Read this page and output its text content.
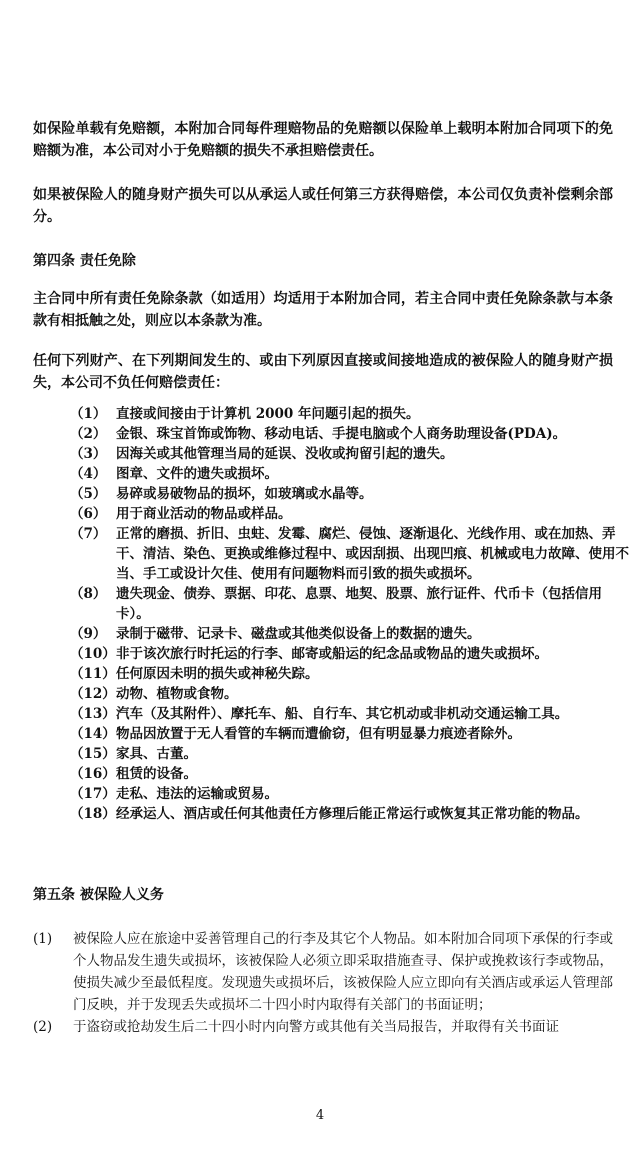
如保险单载有免赔额，本附加合同每件理赔物品的免赔额以保险单上载明本附加合同项下的免赔额为准，本公司对小于免赔额的损失不承担赔偿责任。

如果被保险人的随身财产损失可以从承运人或任何第三方获得赔偿，本公司仅负责补偿剩余部分。

第四条 责任免除

主合同中所有责任免除条款（如适用）均适用于本附加合同，若主合同中责任免除条款与本条款有相抵触之处，则应以本条款为准。

任何下列财产、在下列期间发生的、或由下列原因直接或间接地造成的被保险人的随身财产损失，本公司不负任何赔偿责任：

（1） 直接或间接由于计算机 2000 年问题引起的损失。
（2） 金银、珠宝首饰或饰物、移动电话、手提电脑或个人商务助理设备(PDA)。
（3） 因海关或其他管理当局的延误、没收或拘留引起的遗失。
（4） 图章、文件的遗失或损坏。
（5） 易碎或易破物品的损坏，如玻璃或水晶等。
（6） 用于商业活动的物品或样品。
（7） 正常的磨损、折旧、虫蛀、发霉、腐烂、侵蚀、逐渐退化、光线作用、或在加热、弄干、清洁、染色、更换或维修过程中、或因刮损、出现凹痕、机械或电力故障、使用不当、手工或设计欠佳、使用有问题物料而引致的损失或损坏。
（8） 遗失现金、债券、票据、印花、息票、地契、股票、旅行证件、代币卡（包括信用卡）。
（9） 录制于磁带、记录卡、磁盘或其他类似设备上的数据的遗失。
（10） 非于该次旅行时托运的行李、邮寄或船运的纪念品或物品的遗失或损坏。
（11） 任何原因未明的损失或神秘失踪。
（12） 动物、植物或食物。
（13） 汽车（及其附件）、摩托车、船、自行车、其它机动或非机动交通运输工具。
（14） 物品因放置于无人看管的车辆而遭偷窃，但有明显暴力痕迹者除外。
（15） 家具、古董。
（16） 租赁的设备。
（17） 走私、违法的运输或贸易。
（18） 经承运人、酒店或任何其他责任方修理后能正常运行或恢复其正常功能的物品。

第五条 被保险人义务

(1)	被保险人应在旅途中妥善管理自己的行李及其它个人物品。如本附加合同项下承保的行李或个人物品发生遗失或损坏，该被保险人必须立即采取措施查寻、保护或挽救该行李或物品，使损失减少至最低程度。发现遗失或损坏后，该被保险人应立即向有关酒店或承运人管理部门反映，并于发现丢失或损坏二十四小时内取得有关部门的书面证明；
(2)	于盗窃或抢劫发生后二十四小时内向警方或其他有关当局报告，并取得有关书面证
4
